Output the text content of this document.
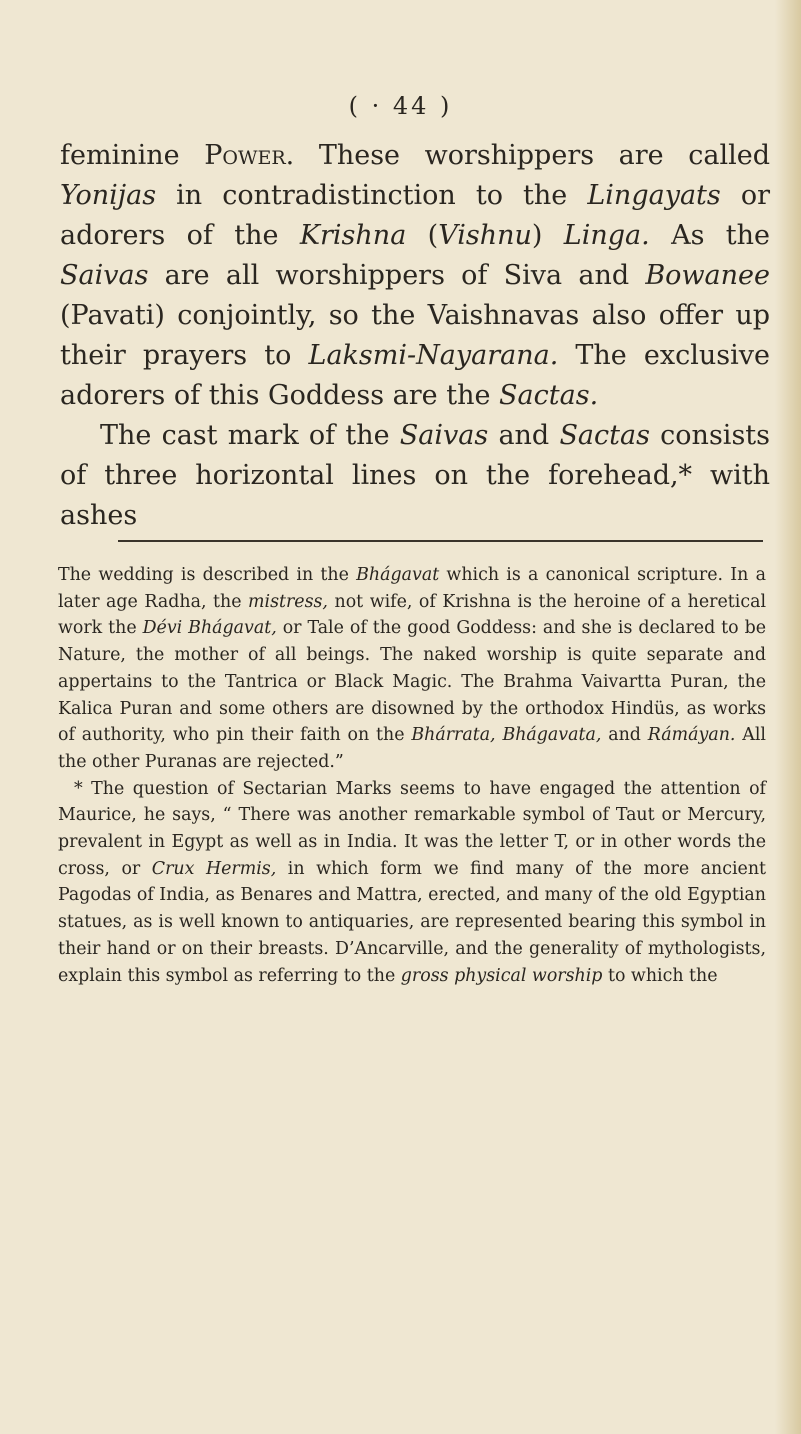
( · 44 )

feminine Power. These worshippers are called Yonijas in contradistinction to the Lingayats or adorers of the Krishna (Vishnu) Linga. As the Saivas are all worshippers of Siva and Bowanee (Pavati) conjointly, so the Vaishnavas also offer up their prayers to Laksmi-Nayarana. The exclusive adorers of this Goddess are the Sactas.

The cast mark of the Saivas and Sactas consists of three horizontal lines on the forehead,* with ashes

The wedding is described in the Bhágavat which is a canonical scripture. In a later age Radha, the mistress, not wife, of Krishna is the heroine of a heretical work the Dévi Bhágavat, or Tale of the good Goddess: and she is declared to be Nature, the mother of all beings. The naked worship is quite separate and appertains to the Tantrica or Black Magic. The Brahma Vaivartta Puran, the Kalica Puran and some others are disowned by the orthodox Hindüs, as works of authority, who pin their faith on the Bhárrata, Bhágavata, and Rámáyan. All the other Puranas are rejected.”

* The question of Sectarian Marks seems to have engaged the attention of Maurice, he says, “ There was another remarkable symbol of Taut or Mercury, prevalent in Egypt as well as in India. It was the letter T, or in other words the cross, or Crux Hermis, in which form we find many of the more ancient Pagodas of India, as Benares and Mattra, erected, and many of the old Egyptian statues, as is well known to antiquaries, are represented bearing this symbol in their hand or on their breasts. D’Ancarville, and the generality of mythologists, explain this symbol as referring to the gross physical worship to which the
